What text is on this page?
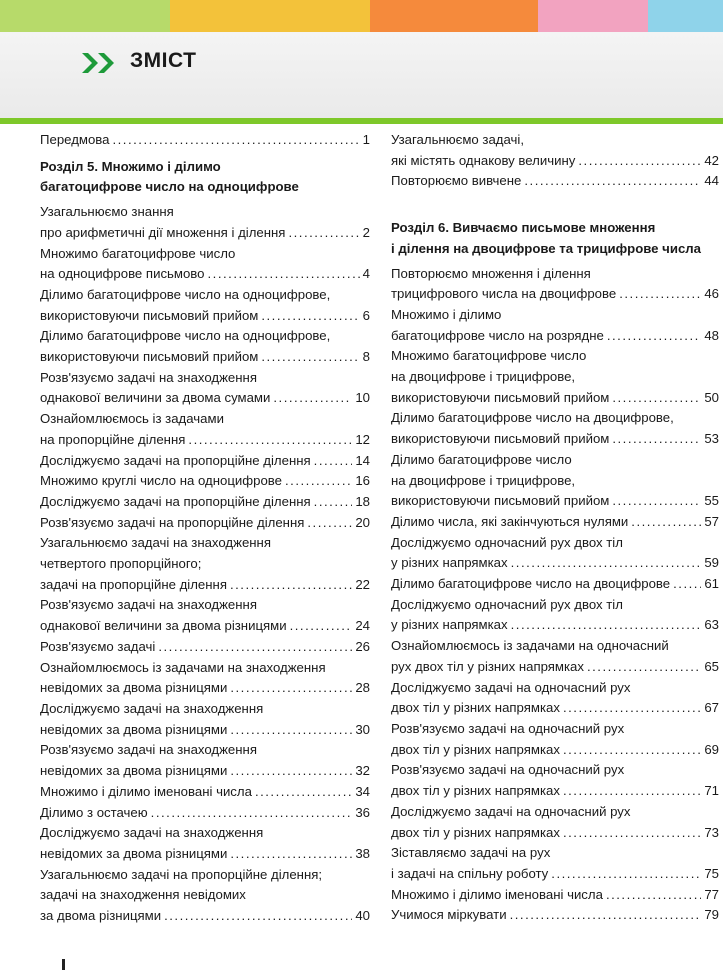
ЗМІСТ
Передмова .....	1
Розділ 5. Множимо і ділимо
багатоцифрове число на одноцифрове
Узагальнюємо знання
про арифметичні дії множення і ділення .....	2
Множимо багатоцифрове число
на одноцифрове письмово .....	4
Ділимо багатоцифрове число на одноцифрове,
використовуючи письмовий прийом .....	6
Ділимо багатоцифрове число на одноцифрове,
використовуючи письмовий прийом .....	8
Розв'язуємо задачі на знаходження
однакової величини за двома сумами .....	10
Ознайомлюємось із задачами
на пропорційне ділення .....	12
Досліджуємо задачі на пропорційне ділення .....	14
Множимо круглі число на одноцифрове .....	16
Досліджуємо задачі на пропорційне ділення .....	18
Розв'язуємо задачі на пропорційне ділення .....	20
Узагальнюємо задачі на знаходження
четвертого пропорційного;
задачі на пропорційне ділення .....	22
Розв'язуємо задачі на знаходження
однакової величини за двома різницями .....	24
Розв'язуємо задачі .....	26
Ознайомлюємось із задачами на знаходження
невідомих за двома різницями .....	28
Досліджуємо задачі на знаходження
невідомих за двома різницями .....	30
Розв'язуємо задачі на знаходження
невідомих за двома різницями .....	32
Множимо і ділимо іменовані числа .....	34
Ділимо з остачею .....	36
Досліджуємо задачі на знаходження
невідомих за двома різницями .....	38
Узагальнюємо задачі на пропорційне ділення;
задачі на знаходження невідомих
за двома різницями .....	40
Узагальнюємо задачі,
які містять однакову величину .....	42
Повторюємо вивчене .....	44
Розділ 6. Вивчаємо письмове множення
і ділення на двоцифрове та трицифрове числа
Повторюємо множення і ділення
трицифрового числа на двоцифрове .....	46
Множимо і ділимо
багатоцифрове число на розрядне .....	48
Множимо багатоцифрове число
на двоцифрове і трицифрове,
використовуючи письмовий прийом .....	50
Ділимо багатоцифрове число на двоцифрове,
використовуючи письмовий прийом .....	53
Ділимо багатоцифрове число
на двоцифрове і трицифрове,
використовуючи письмовий прийом .....	55
Ділимо числа, які закінчуються нулями .....	57
Досліджуємо одночасний рух двох тіл
у різних напрямках .....	59
Ділимо багатоцифрове число на двоцифрове .....	61
Досліджуємо одночасний рух двох тіл
у різних напрямках .....	63
Ознайомлюємось із задачами на одночасний
рух двох тіл у різних напрямках .....	65
Досліджуємо задачі на одночасний рух
двох тіл у різних напрямках .....	67
Розв'язуємо задачі на одночасний рух
двох тіл у різних напрямках .....	69
Розв'язуємо задачі на одночасний рух
двох тіл у різних напрямках .....	71
Досліджуємо задачі на одночасний рух
двох тіл у різних напрямках .....	73
Зіставляємо задачі на рух
і задачі на спільну роботу .....	75
Множимо і ділимо іменовані числа .....	77
Учимося міркувати .....	79
